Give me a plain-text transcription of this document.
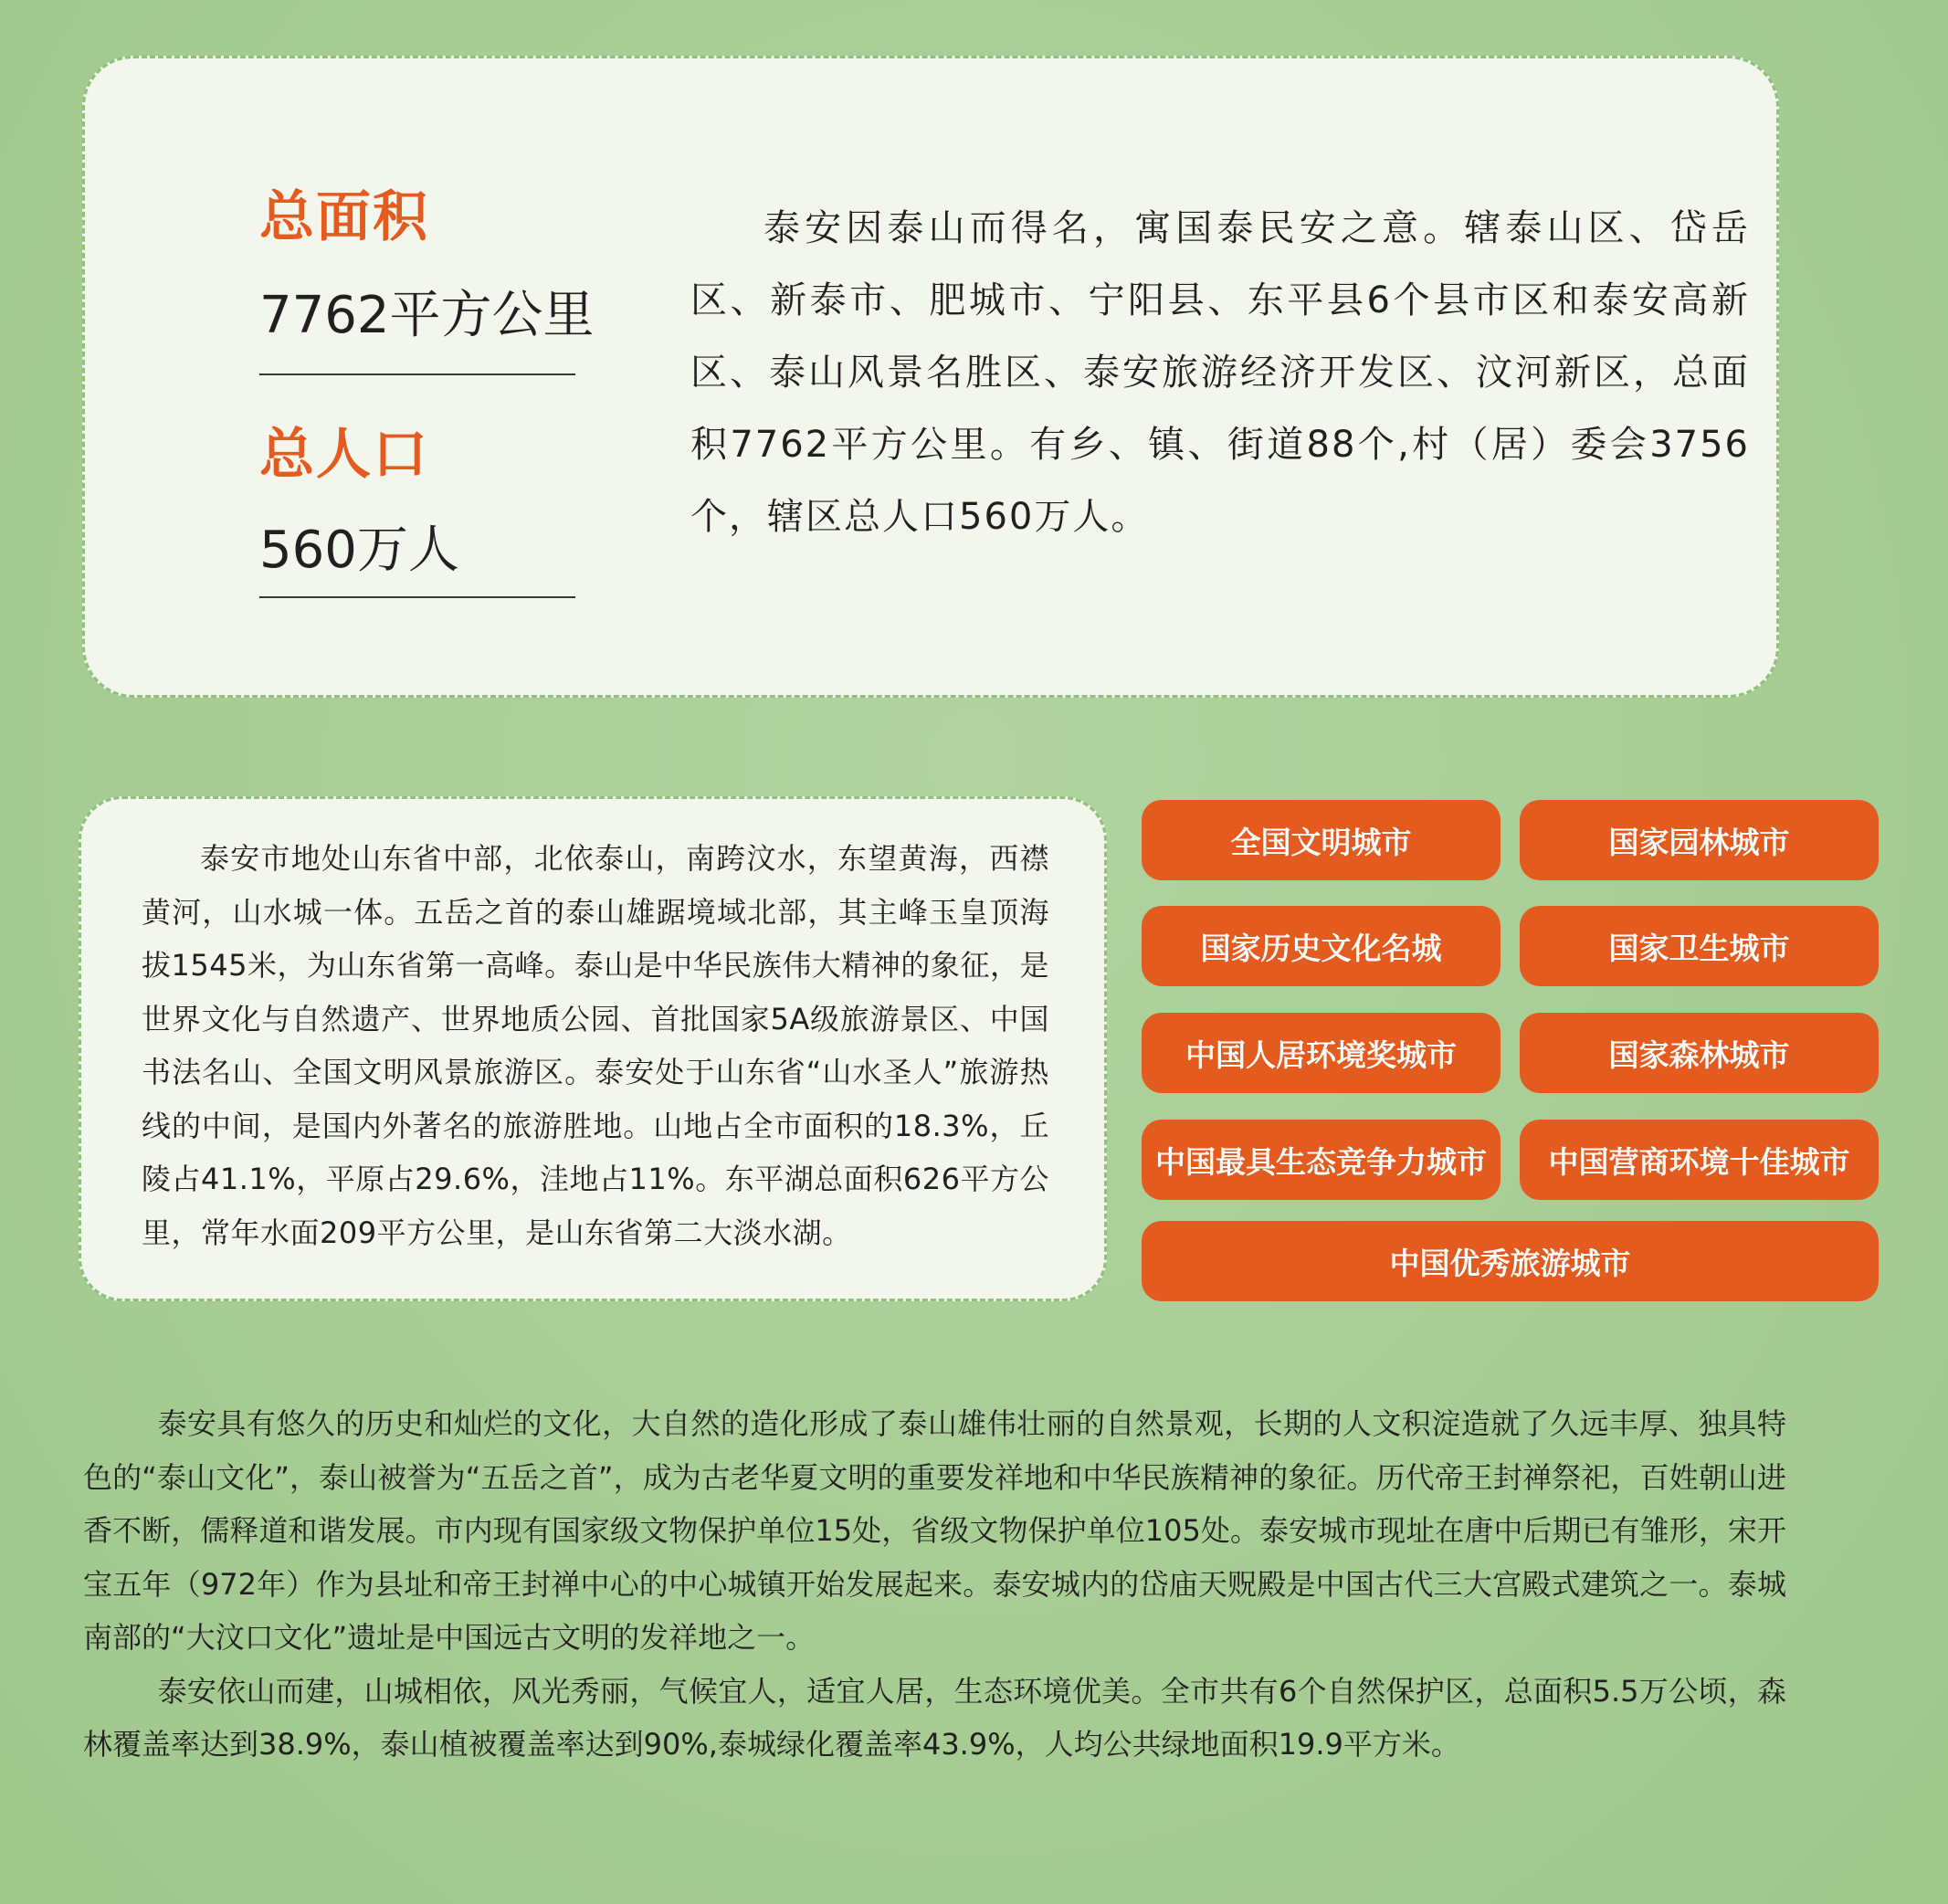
总面积
7762平方公里
总人口
560万人

泰安因泰山而得名，寓国泰民安之意。辖泰山区、岱岳区、新泰市、肥城市、宁阳县、东平县6个县市区和泰安高新区、泰山风景名胜区、泰安旅游经济开发区、汶河新区，总面积7762平方公里。有乡、镇、街道88个,村（居）委会3756个，辖区总人口560万人。

泰安市地处山东省中部，北依泰山，南跨汶水，东望黄海，西襟黄河，山水城一体。五岳之首的泰山雄踞境域北部，其主峰玉皇顶海拔1545米，为山东省第一高峰。泰山是中华民族伟大精神的象征，是世界文化与自然遗产、世界地质公园、首批国家5A级旅游景区、中国书法名山、全国文明风景旅游区。泰安处于山东省“山水圣人”旅游热线的中间，是国内外著名的旅游胜地。山地占全市面积的18.3%，丘陵占41.1%，平原占29.6%，洼地占11%。东平湖总面积626平方公里，常年水面209平方公里，是山东省第二大淡水湖。

全国文明城市	国家园林城市
国家历史文化名城	国家卫生城市
中国人居环境奖城市	国家森林城市
中国最具生态竞争力城市	中国营商环境十佳城市
中国优秀旅游城市

泰安具有悠久的历史和灿烂的文化，大自然的造化形成了泰山雄伟壮丽的自然景观，长期的人文积淀造就了久远丰厚、独具特色的“泰山文化”，泰山被誉为“五岳之首”，成为古老华夏文明的重要发祥地和中华民族精神的象征。历代帝王封禅祭祀，百姓朝山进香不断，儒释道和谐发展。市内现有国家级文物保护单位15处，省级文物保护单位105处。泰安城市现址在唐中后期已有雏形，宋开宝五年（972年）作为县址和帝王封禅中心的中心城镇开始发展起来。泰安城内的岱庙天贶殿是中国古代三大宫殿式建筑之一。泰城南部的“大汶口文化”遗址是中国远古文明的发祥地之一。

泰安依山而建，山城相依，风光秀丽，气候宜人，适宜人居，生态环境优美。全市共有6个自然保护区，总面积5.5万公顷，森林覆盖率达到38.9%，泰山植被覆盖率达到90%,泰城绿化覆盖率43.9%，人均公共绿地面积19.9平方米。
